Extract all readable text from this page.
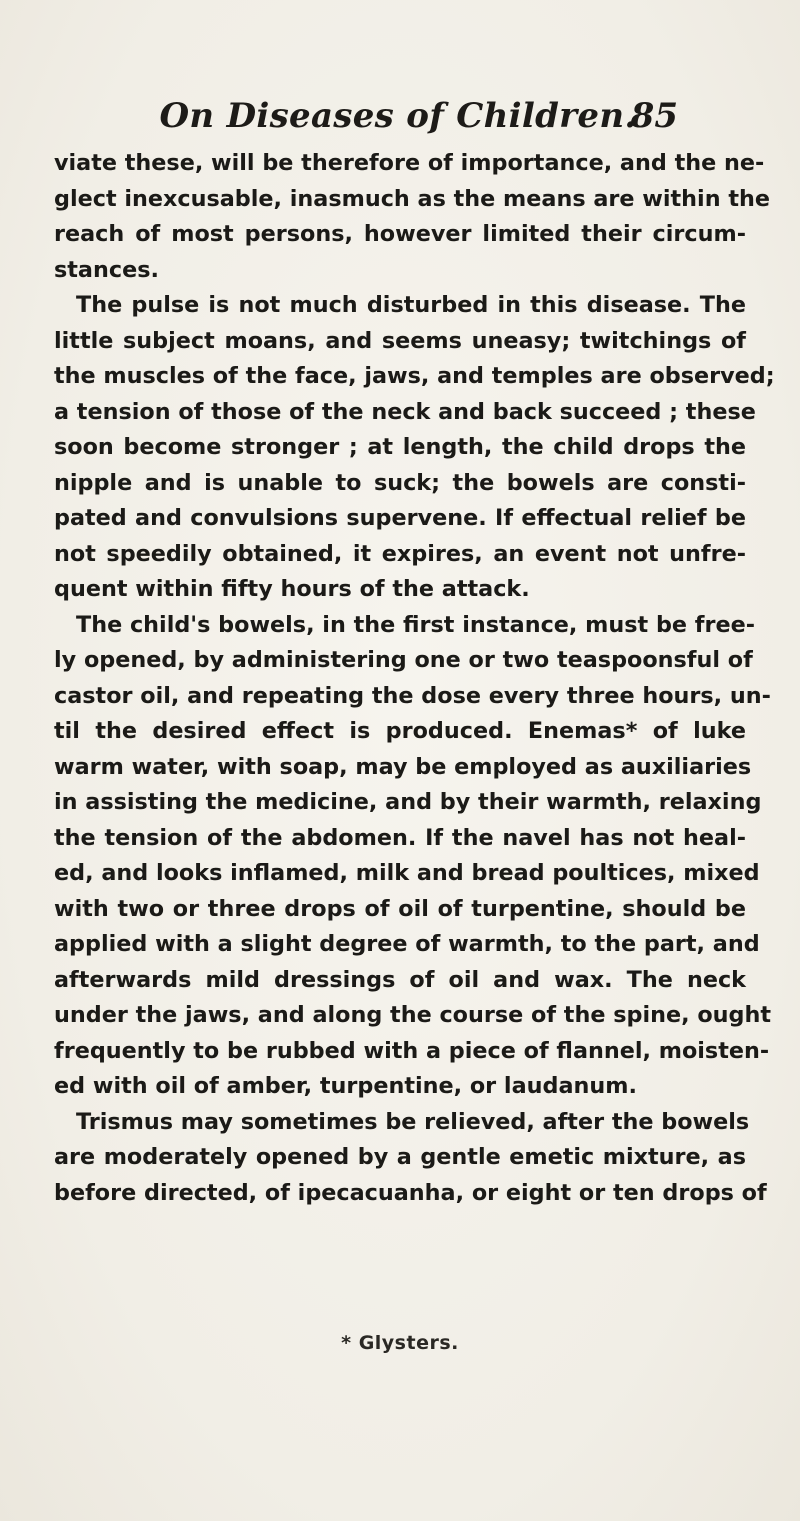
On Diseases of Children.
85
viate these, will be therefore of importance, and the ne-
glect inexcusable, inasmuch as the means are within the
reach of most persons, however limited their circum-
stances.
The pulse is not much disturbed in this disease. The
little subject moans, and seems uneasy; twitchings of
the muscles of the face, jaws, and temples are observed;
a tension of those of the neck and back succeed ; these
soon become stronger ; at length, the child drops the
nipple and is unable to suck; the bowels are consti-
pated and convulsions supervene. If effectual relief be
not speedily obtained, it expires, an event not unfre-
quent within fifty hours of the attack.
The child's bowels, in the first instance, must be free-
ly opened, by administering one or two teaspoonsful of
castor oil, and repeating the dose every three hours, un-
til the desired effect is produced. Enemas* of luke
warm water, with soap, may be employed as auxiliaries
in assisting the medicine, and by their warmth, relaxing
the tension of the abdomen. If the navel has not heal-
ed, and looks inflamed, milk and bread poultices, mixed
with two or three drops of oil of turpentine, should be
applied with a slight degree of warmth, to the part, and
afterwards mild dressings of oil and wax. The neck
under the jaws, and along the course of the spine, ought
frequently to be rubbed with a piece of flannel, moisten-
ed with oil of amber, turpentine, or laudanum.
Trismus may sometimes be relieved, after the bowels
are moderately opened by a gentle emetic mixture, as
before directed, of ipecacuanha, or eight or ten drops of
* Glysters.
